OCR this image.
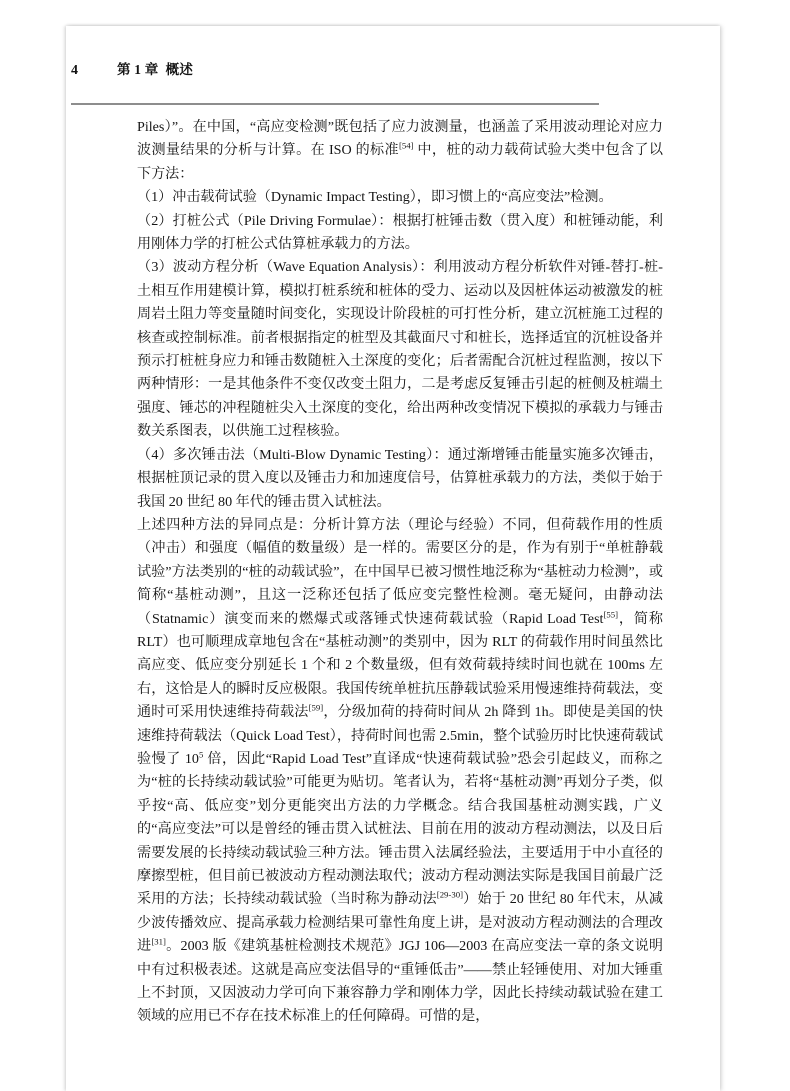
4	第 1 章
概述

Piles）”。在中国，“高应变检测”既包括了应力波测量，也涵盖了采用波动理论对应力波测量结果的分析与计算。在 ISO 的标准[54] 中，桩的动力载荷试验大类中包含了以下方法：

（1）冲击载荷试验（Dynamic Impact Testing），即习惯上的“高应变法”检测。

（2）打桩公式（Pile Driving Formulae）：根据打桩锤击数（贯入度）和桩锤动能，利用刚体力学的打桩公式估算桩承载力的方法。

（3）波动方程分析（Wave Equation Analysis）：利用波动方程分析软件对锤-替打-桩-土相互作用建模计算，模拟打桩系统和桩体的受力、运动以及因桩体运动被激发的桩周岩土阻力等变量随时间变化，实现设计阶段桩的可打性分析，建立沉桩施工过程的核查或控制标准。前者根据指定的桩型及其截面尺寸和桩长，选择适宜的沉桩设备并预示打桩桩身应力和锤击数随桩入土深度的变化；后者需配合沉桩过程监测，按以下两种情形：一是其他条件不变仅改变土阻力，二是考虑反复锤击引起的桩侧及桩端土强度、锤芯的冲程随桩尖入土深度的变化，给出两种改变情况下模拟的承载力与锤击数关系图表，以供施工过程核验。

（4）多次锤击法（Multi-Blow Dynamic Testing）：通过渐增锤击能量实施多次锤击，根据桩顶记录的贯入度以及锤击力和加速度信号，估算桩承载力的方法，类似于始于我国 20 世纪 80 年代的锤击贯入试桩法。

上述四种方法的异同点是：分析计算方法（理论与经验）不同，但荷载作用的性质（冲击）和强度（幅值的数量级）是一样的。需要区分的是，作为有别于“单桩静载试验”方法类别的“桩的动载试验”，在中国早已被习惯性地泛称为“基桩动力检测”，或简称“基桩动测”，且这一泛称还包括了低应变完整性检测。毫无疑问，由静动法（Statnamic）演变而来的燃爆式或落锤式快速荷载试验（Rapid Load Test[55]，简称 RLT）也可顺理成章地包含在“基桩动测”的类别中，因为 RLT 的荷载作用时间虽然比高应变、低应变分别延长 1 个和 2 个数量级，但有效荷载持续时间也就在 100ms 左右，这恰是人的瞬时反应极限。我国传统单桩抗压静载试验采用慢速维持荷载法，变通时可采用快速维持荷载法[59]，分级加荷的持荷时间从 2h 降到 1h。即使是美国的快速维持荷载法（Quick Load Test），持荷时间也需 2.5min，整个试验历时比快速荷载试验慢了 $10^5$ 倍，因此“Rapid Load Test”直译成“快速荷载试验”恐会引起歧义，而称之为“桩的长持续动载试验”可能更为贴切。笔者认为，若将“基桩动测”再划分子类，似乎按“高、低应变”划分更能突出方法的力学概念。结合我国基桩动测实践，广义的“高应变法”可以是曾经的锤击贯入试桩法、目前在用的波动方程动测法，以及日后需要发展的长持续动载试验三种方法。锤击贯入法属经验法，主要适用于中小直径的摩擦型桩，但目前已被波动方程动测法取代；波动方程动测法实际是我国目前最广泛采用的方法；长持续动载试验（当时称为静动法[29-30]）始于 20 世纪 80 年代末，从减少波传播效应、提高承载力检测结果可靠性角度上讲，是对波动方程动测法的合理改进[31]。2003 版《建筑基桩检测技术规范》JGJ 106—2003 在高应变法一章的条文说明中有过积极表述。这就是高应变法倡导的“重锤低击”——禁止轻锤使用、对加大锤重上不封顶，又因波动力学可向下兼容静力学和刚体力学，因此长持续动载试验在建工领域的应用已不存在技术标准上的任何障碍。可惜的是，
